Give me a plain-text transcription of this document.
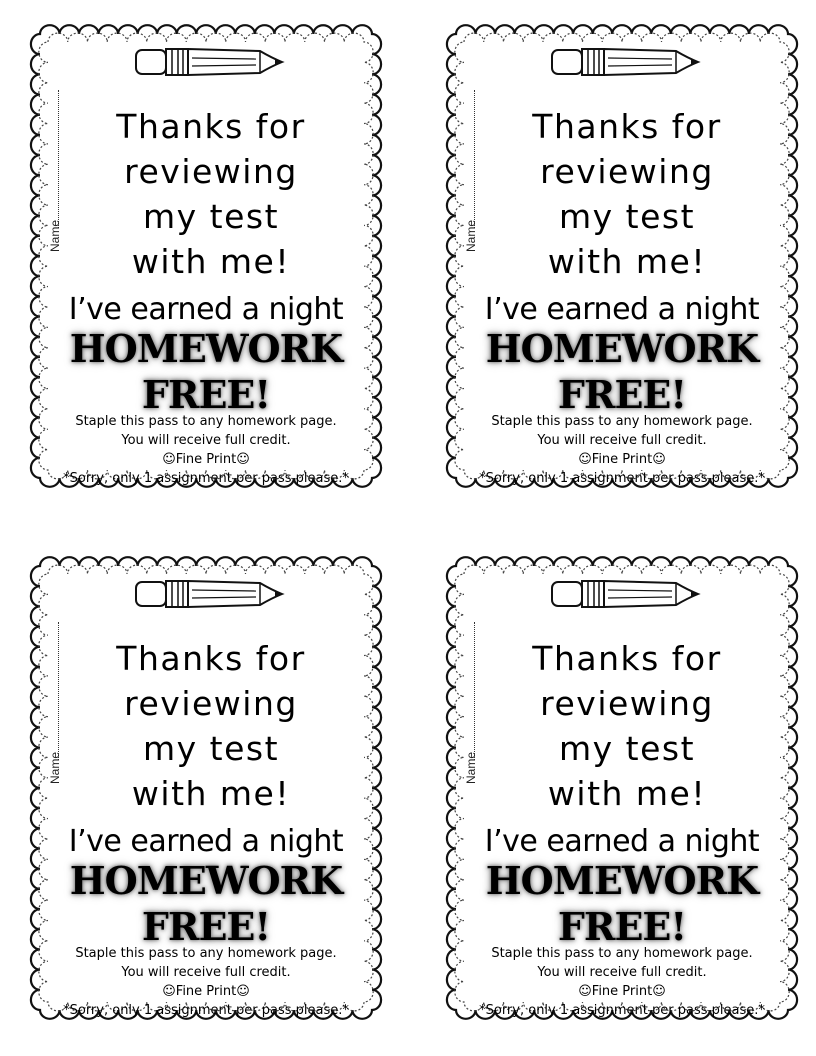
Name
Thanks for
reviewing
my test
with me!
I’ve earned a night
HOMEWORK
FREE!
Staple this pass to any homework page.
You will receive full credit.
☺Fine Print☺
*Sorry, only 1 assignment per pass please.*
Name
Thanks for
reviewing
my test
with me!
I’ve earned a night
HOMEWORK
FREE!
Staple this pass to any homework page.
You will receive full credit.
☺Fine Print☺
*Sorry, only 1 assignment per pass please.*
Name
Thanks for
reviewing
my test
with me!
I’ve earned a night
HOMEWORK
FREE!
Staple this pass to any homework page.
You will receive full credit.
☺Fine Print☺
*Sorry, only 1 assignment per pass please.*
Name
Thanks for
reviewing
my test
with me!
I’ve earned a night
HOMEWORK
FREE!
Staple this pass to any homework page.
You will receive full credit.
☺Fine Print☺
*Sorry, only 1 assignment per pass please.*
